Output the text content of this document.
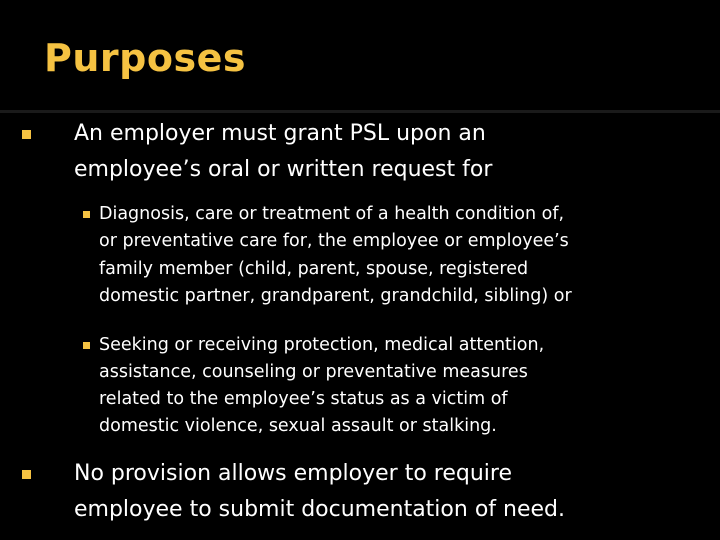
Purposes
An employer must grant PSL upon an
employee’s oral or written request for
Diagnosis, care or treatment of a health condition of,
or preventative care for, the employee or employee’s
family member (child, parent, spouse, registered
domestic partner, grandparent, grandchild, sibling) or
Seeking or receiving protection, medical attention,
assistance, counseling or preventative measures
related to the employee’s status as a victim of
domestic violence, sexual assault or stalking.
No provision allows employer to require
employee to submit documentation of need.
